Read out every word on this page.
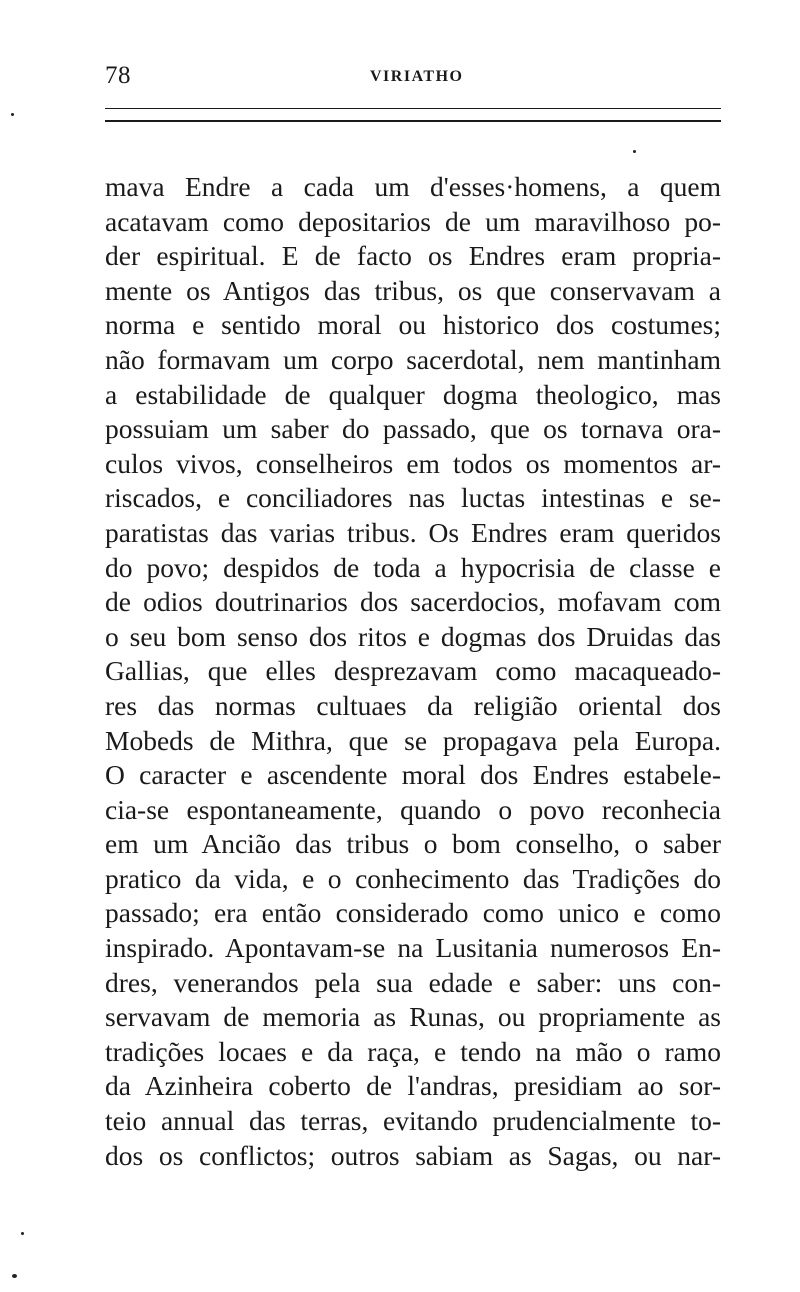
78	VIRIATHO
mava Endre a cada um d'esses·homens, a quem
acatavam como depositarios de um maravilhoso po-
der espiritual. E de facto os Endres eram propria-
mente os Antigos das tribus, os que conservavam a
norma e sentido moral ou historico dos costumes;
não formavam um corpo sacerdotal, nem mantinham
a estabilidade de qualquer dogma theologico, mas
possuiam um saber do passado, que os tornava ora-
culos vivos, conselheiros em todos os momentos ar-
riscados, e conciliadores nas luctas intestinas e se-
paratistas das varias tribus. Os Endres eram queridos
do povo; despidos de toda a hypocrisia de classe e
de odios doutrinarios dos sacerdocios, mofavam com
o seu bom senso dos ritos e dogmas dos Druidas das
Gallias, que elles desprezavam como macaqueado-
res das normas cultuaes da religião oriental dos
Mobeds de Mithra, que se propagava pela Europa.
O caracter e ascendente moral dos Endres estabele-
cia-se espontaneamente, quando o povo reconhecia
em um Ancião das tribus o bom conselho, o saber
pratico da vida, e o conhecimento das Tradições do
passado; era então considerado como unico e como
inspirado. Apontavam-se na Lusitania numerosos En-
dres, venerandos pela sua edade e saber: uns con-
servavam de memoria as Runas, ou propriamente as
tradições locaes e da raça, e tendo na mão o ramo
da Azinheira coberto de l'andras, presidiam ao sor-
teio annual das terras, evitando prudencialmente to-
dos os conflictos; outros sabiam as Sagas, ou nar-
